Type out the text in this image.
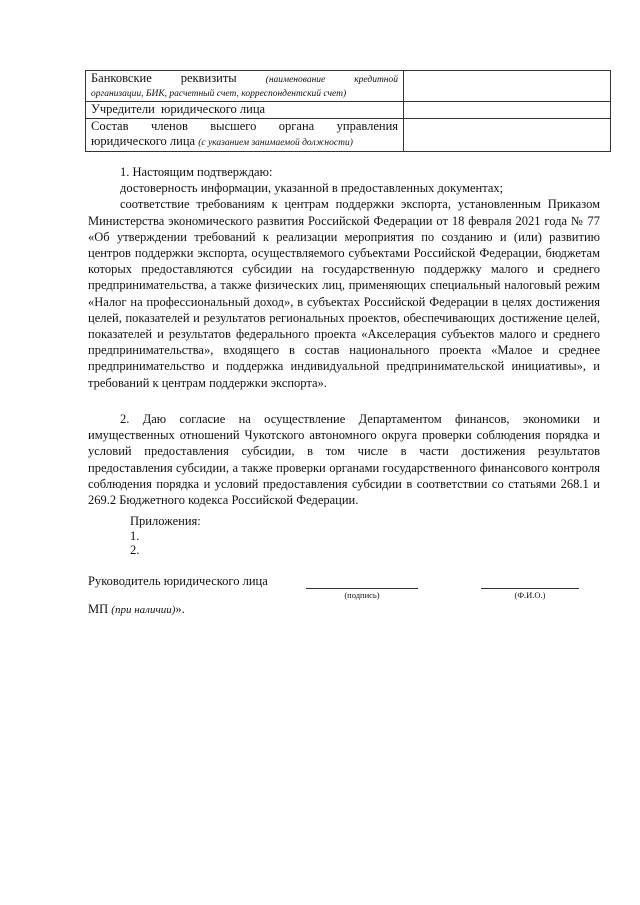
Банковские реквизиты (наименование кредитной
организации, БИК, расчетный счет, корреспондентский счет)	

Учредители  юридического лица	

Состав членов высшего органа управления
юридического лица (с указанием занимаемой должности)	

1. Настоящим подтверждаю:

достоверность информации, указанной в предоставленных документах;

соответствие требованиям к центрам поддержки экспорта, установленным Приказом Министерства экономического развития Российской Федерации от 18 февраля 2021 года № 77 «Об утверждении требований к реализации мероприятия по созданию и (или) развитию центров поддержки экспорта, осуществляемого субъектами Российской Федерации, бюджетам которых предоставляются субсидии на государственную поддержку малого и среднего предпринимательства, а также физических лиц, применяющих специальный налоговый режим «Налог на профессиональный доход», в субъектах Российской Федерации в целях достижения целей, показателей и результатов региональных проектов, обеспечивающих достижение целей, показателей и результатов федерального проекта «Акселерация субъектов малого и среднего предпринимательства», входящего в состав национального проекта «Малое и среднее предпринимательство и поддержка индивидуальной предпринимательской инициативы», и требований к центрам поддержки экспорта».

2. Даю согласие на осуществление Департаментом финансов, экономики и имущественных отношений Чукотского автономного округа проверки соблюдения порядка и условий предоставления субсидии, в том числе в части достижения результатов предоставления субсидии, а также проверки органами государственного финансового контроля соблюдения порядка и условий предоставления субсидии в соответствии со статьями 268.1 и 269.2 Бюджетного кодекса Российской Федерации.

Приложения:
1.
2.
Руководитель юридического лица
(подпись)	(Ф.И.О.)
МП (при наличии)».
